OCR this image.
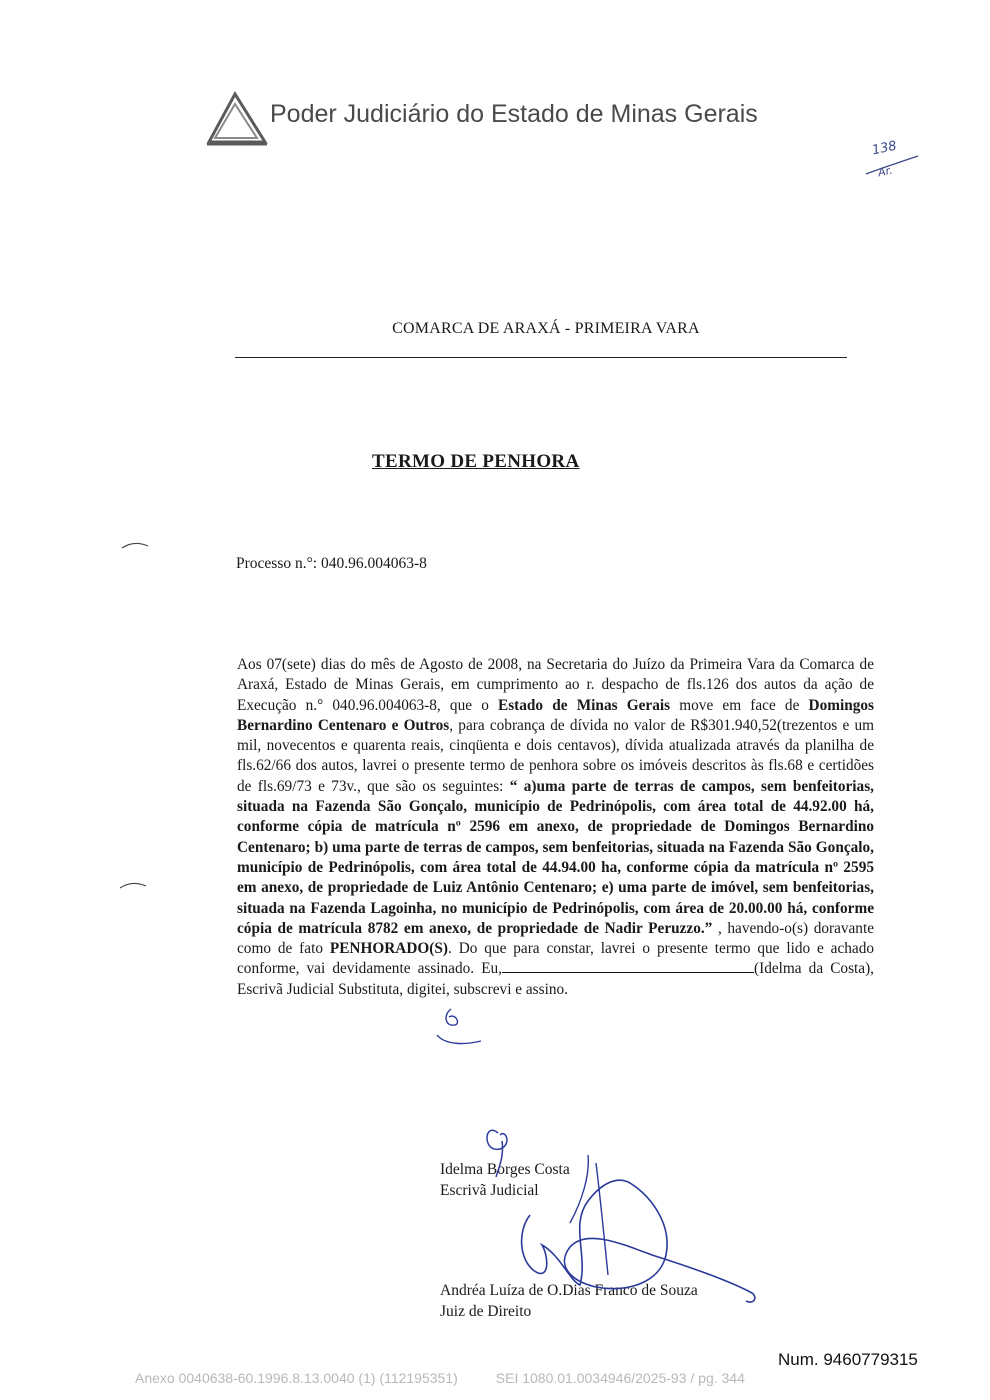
Poder Judiciário do Estado de Minas Gerais
138
Ar.
COMARCA DE ARAXÁ - PRIMEIRA VARA
TERMO DE PENHORA
Processo n.°: 040.96.004063-8
Aos 07(sete) dias do mês de Agosto de 2008, na Secretaria do Juízo da Primeira Vara da Comarca de Araxá, Estado de Minas Gerais, em cumprimento ao r. despacho de fls.126 dos autos da ação de Execução n.° 040.96.004063-8, que o Estado de Minas Gerais move em face de Domingos Bernardino Centenaro e Outros, para cobrança de dívida no valor de R$301.940,52(trezentos e um mil, novecentos e quarenta reais, cinqüenta e dois centavos), dívida atualizada através da planilha de fls.62/66 dos autos, lavrei o presente termo de penhora sobre os imóveis descritos às fls.68 e certidões de fls.69/73 e 73v., que são os seguintes: “ a)uma parte de terras de campos, sem benfeitorias, situada na Fazenda São Gonçalo, município de Pedrinópolis, com área total de 44.92.00 há, conforme cópia de matrícula nº 2596 em anexo, de propriedade de Domingos Bernardino Centenaro; b) uma parte de terras de campos, sem benfeitorias, situada na Fazenda São Gonçalo, município de Pedrinópolis, com área total de 44.94.00 ha, conforme cópia da matrícula nº 2595 em anexo, de propriedade de Luiz Antônio Centenaro; e) uma parte de imóvel, sem benfeitorias, situada na Fazenda Lagoinha, no município de Pedrinópolis, com área de 20.00.00 há, conforme cópia de matrícula 8782 em anexo, de propriedade de Nadir Peruzzo.” , havendo-o(s) doravante como de fato PENHORADO(S). Do que para constar, lavrei o presente termo que lido e achado conforme, vai devidamente assinado. Eu,	(Idelma da Costa), Escrivã Judicial Substituta, digitei, subscrevi e assino.
Idelma Borges Costa
Escrivã Judicial
Andréa Luíza de O.Dias Franco de Souza
Juiz de Direito
Num. 9460779315
Anexo 0040638-60.1996.8.13.0040 (1) (112195351)	SEI 1080.01.0034946/2025-93 / pg. 344
